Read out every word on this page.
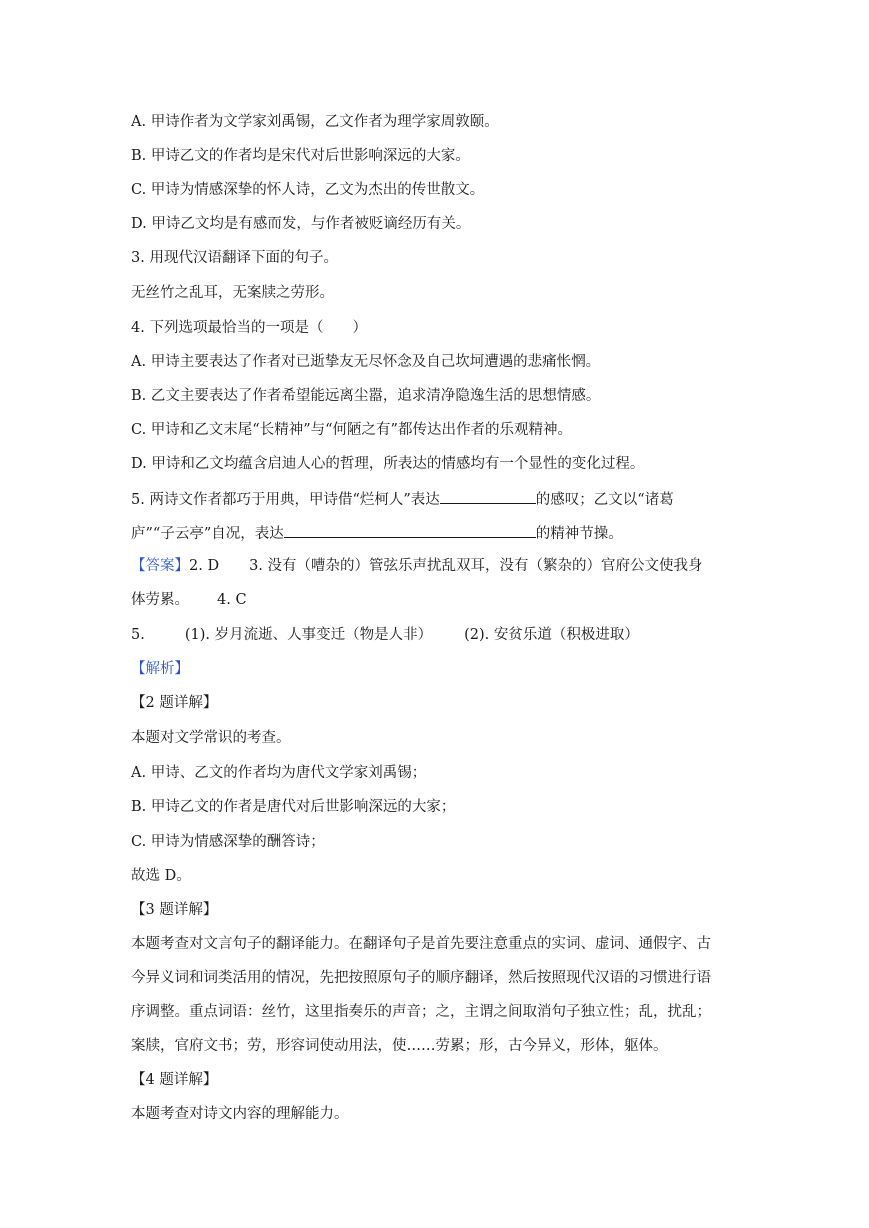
A. 甲诗作者为文学家刘禹锡，乙文作者为理学家周敦颐。
B. 甲诗乙文的作者均是宋代对后世影响深远的大家。
C. 甲诗为情感深挚的怀人诗，乙文为杰出的传世散文。
D. 甲诗乙文均是有感而发，与作者被贬谪经历有关。
3. 用现代汉语翻译下面的句子。
无丝竹之乱耳，无案牍之劳形。
4. 下列选项最恰当的一项是（　　）
A. 甲诗主要表达了作者对已逝挚友无尽怀念及自己坎坷遭遇的悲痛怅惘。
B. 乙文主要表达了作者希望能远离尘嚣，追求清净隐逸生活的思想情感。
C. 甲诗和乙文末尾“长精神”与“何陋之有”都传达出作者的乐观精神。
D. 甲诗和乙文均蕴含启迪人心的哲理，所表达的情感均有一个显性的变化过程。
5. 两诗文作者都巧于用典，甲诗借“烂柯人”表达	的感叹；乙文以“诸葛
庐”“子云亭”自况，表达	的精神节操。
【答案】2. D 3. 没有（嘈杂的）管弦乐声扰乱双耳，没有（繁杂的）官府公文使我身
体劳累。 4. C
5.	(1). 岁月流逝、人事变迁（物是人非） (2). 安贫乐道（积极进取）
【解析】
【2 题详解】
本题对文学常识的考查。
A. 甲诗、乙文的作者均为唐代文学家刘禹锡；
B. 甲诗乙文的作者是唐代对后世影响深远的大家；
C. 甲诗为情感深挚的酬答诗；
故选 D。
【3 题详解】
本题考查对文言句子的翻译能力。在翻译句子是首先要注意重点的实词、虚词、通假字、古
今异义词和词类活用的情况，先把按照原句子的顺序翻译，然后按照现代汉语的习惯进行语
序调整。重点词语：丝竹，这里指奏乐的声音；之，主谓之间取消句子独立性；乱，扰乱；
案牍，官府文书；劳，形容词使动用法，使……劳累；形，古今异义，形体，躯体。
【4 题详解】
本题考查对诗文内容的理解能力。
